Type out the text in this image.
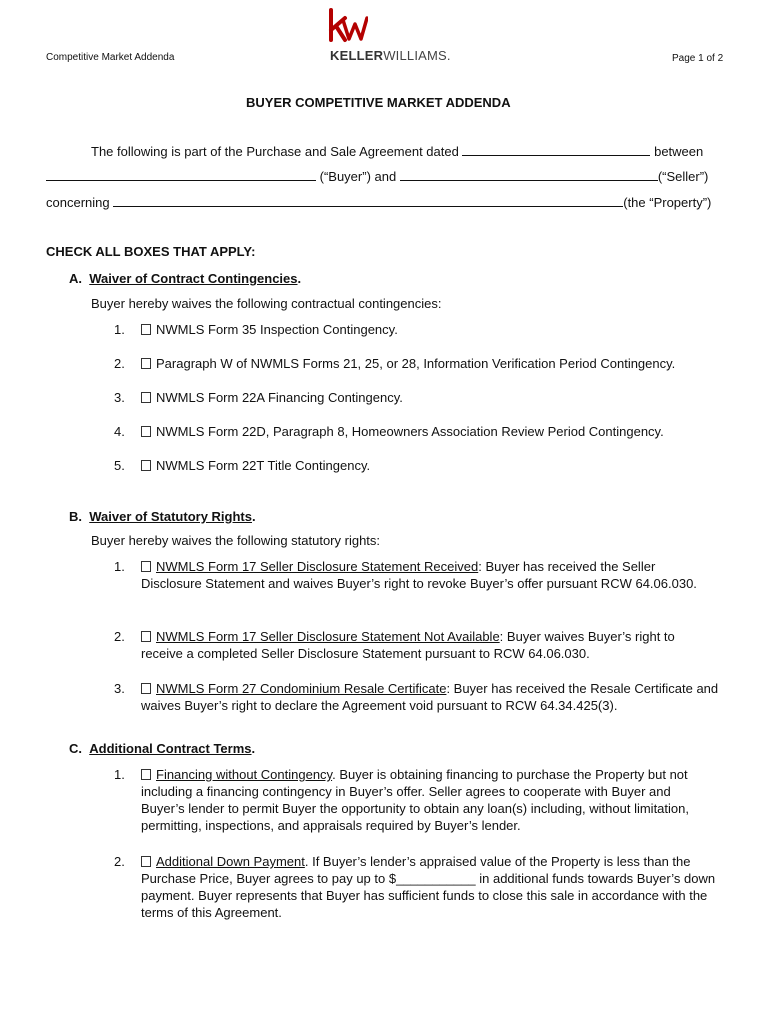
Competitive Market Addenda	KELLERWILLIAMS.	Page 1 of 2
BUYER COMPETITIVE MARKET ADDENDA
The following is part of the Purchase and Sale Agreement dated	between
(“Buyer”) and	(“Seller”)
concerning	(the “Property”)
CHECK ALL BOXES THAT APPLY:
A. Waiver of Contract Contingencies.
Buyer hereby waives the following contractual contingencies:
1.	NWMLS Form 35 Inspection Contingency.
2.	Paragraph W of NWMLS Forms 21, 25, or 28, Information Verification Period Contingency.
3.	NWMLS Form 22A Financing Contingency.
4.	NWMLS Form 22D, Paragraph 8, Homeowners Association Review Period Contingency.
5.	NWMLS Form 22T Title Contingency.
B. Waiver of Statutory Rights.
Buyer hereby waives the following statutory rights:
1.	NWMLS Form 17 Seller Disclosure Statement Received: Buyer has received the Seller Disclosure Statement and waives Buyer’s right to revoke Buyer’s offer pursuant RCW 64.06.030.
2.	NWMLS Form 17 Seller Disclosure Statement Not Available: Buyer waives Buyer’s right to receive a completed Seller Disclosure Statement pursuant to RCW 64.06.030.
3.	NWMLS Form 27 Condominium Resale Certificate: Buyer has received the Resale Certificate and waives Buyer’s right to declare the Agreement void pursuant to RCW 64.34.425(3).
C. Additional Contract Terms.
1.	Financing without Contingency. Buyer is obtaining financing to purchase the Property but not including a financing contingency in Buyer’s offer. Seller agrees to cooperate with Buyer and Buyer’s lender to permit Buyer the opportunity to obtain any loan(s) including, without limitation, permitting, inspections, and appraisals required by Buyer’s lender.
2.	Additional Down Payment. If Buyer’s lender’s appraised value of the Property is less than the Purchase Price, Buyer agrees to pay up to $___________ in additional funds towards Buyer’s down payment. Buyer represents that Buyer has sufficient funds to close this sale in accordance with the terms of this Agreement.
